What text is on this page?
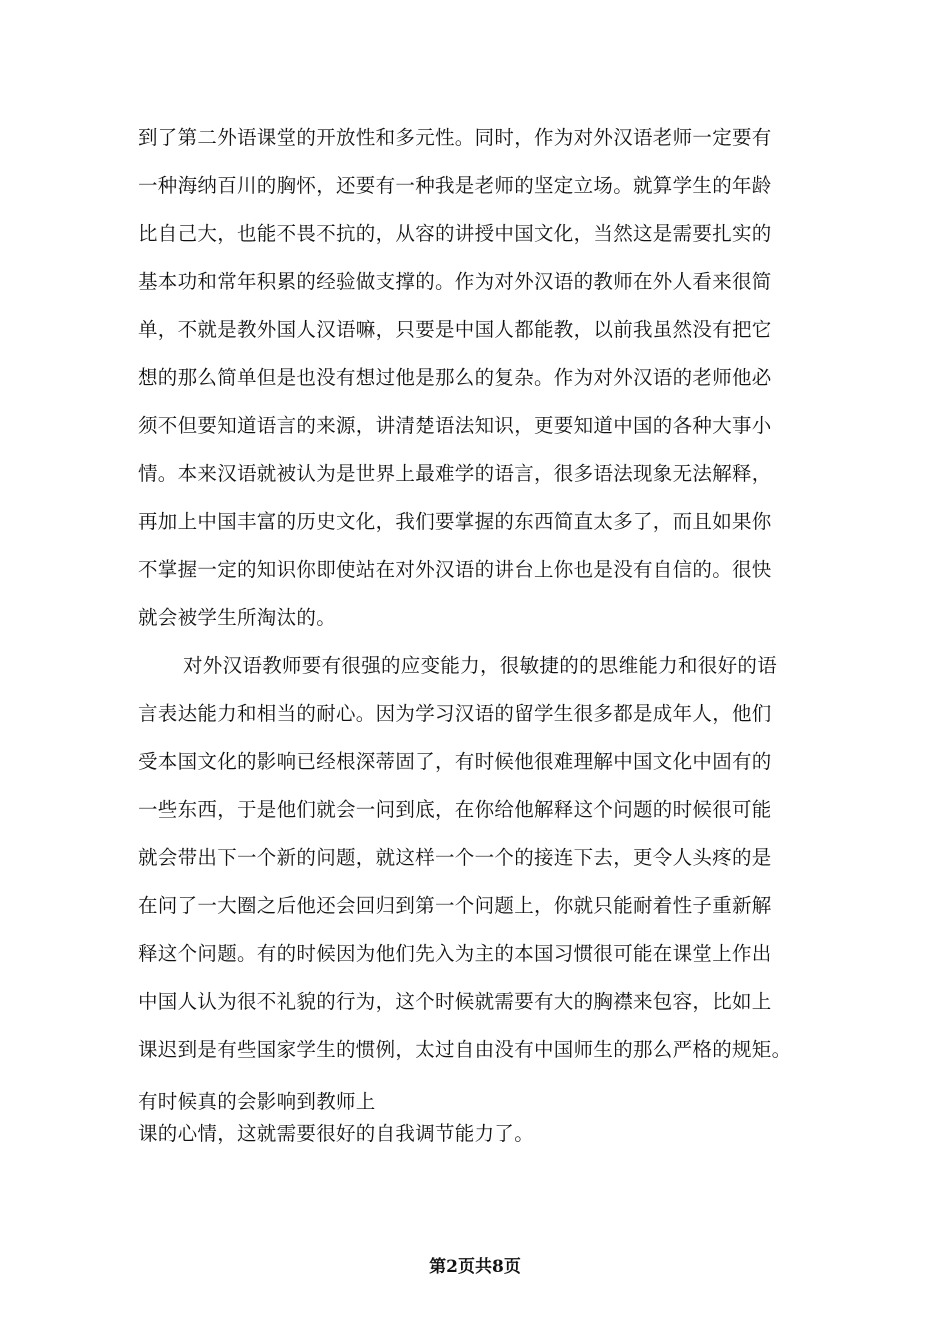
到了第二外语课堂的开放性和多元性。同时，作为对外汉语老师一定要有
一种海纳百川的胸怀，还要有一种我是老师的坚定立场。就算学生的年龄
比自己大，也能不畏不抗的，从容的讲授中国文化，当然这是需要扎实的
基本功和常年积累的经验做支撑的。作为对外汉语的教师在外人看来很简
单，不就是教外国人汉语嘛，只要是中国人都能教，以前我虽然没有把它
想的那么简单但是也没有想过他是那么的复杂。作为对外汉语的老师他必
须不但要知道语言的来源，讲清楚语法知识，更要知道中国的各种大事小
情。本来汉语就被认为是世界上最难学的语言，很多语法现象无法解释，
再加上中国丰富的历史文化，我们要掌握的东西简直太多了，而且如果你
不掌握一定的知识你即使站在对外汉语的讲台上你也是没有自信的。很快
就会被学生所淘汰的。
对外汉语教师要有很强的应变能力，很敏捷的的思维能力和很好的语
言表达能力和相当的耐心。因为学习汉语的留学生很多都是成年人，他们
受本国文化的影响已经根深蒂固了，有时候他很难理解中国文化中固有的
一些东西，于是他们就会一问到底，在你给他解释这个问题的时候很可能
就会带出下一个新的问题，就这样一个一个的接连下去，更令人头疼的是
在问了一大圈之后他还会回归到第一个问题上，你就只能耐着性子重新解
释这个问题。有的时候因为他们先入为主的本国习惯很可能在课堂上作出
中国人认为很不礼貌的行为，这个时候就需要有大的胸襟来包容，比如上
课迟到是有些国家学生的惯例，太过自由没有中国师生的那么严格的规矩。
有时候真的会影响到教师上
课的心情，这就需要很好的自我调节能力了。
第2页共8页
